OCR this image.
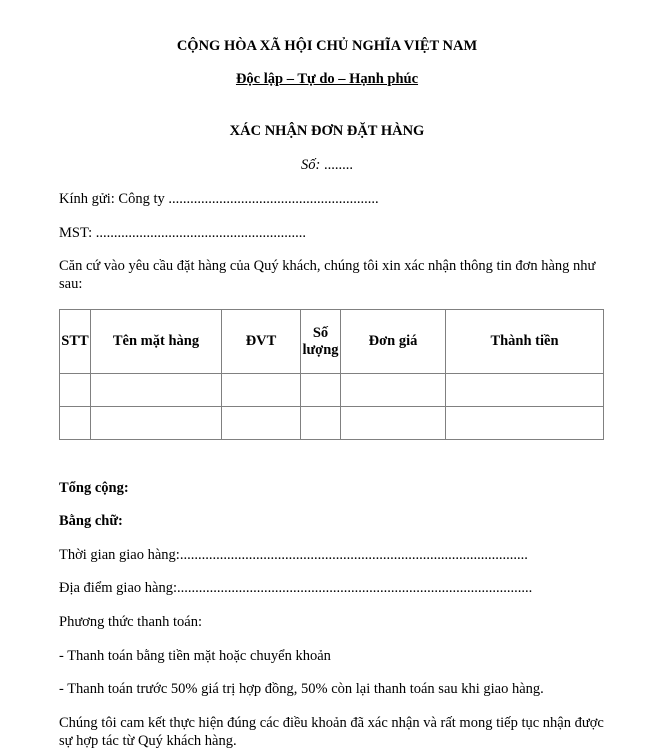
CỘNG HÒA XÃ HỘI CHỦ NGHĨA VIỆT NAM
Độc lập – Tự do – Hạnh phúc
XÁC NHẬN ĐƠN ĐẶT HÀNG
Số: ........
Kính gửi: Công ty ..........................................................
MST: ..........................................................
Căn cứ vào yêu cầu đặt hàng của Quý khách, chúng tôi xin xác nhận thông tin đơn hàng như sau:
STT	Tên mặt hàng	ĐVT	Số lượng	Đơn giá	Thành tiền

Tổng cộng:
Bằng chữ:
Thời gian giao hàng:................................................................................................
Địa điểm giao hàng:..................................................................................................
Phương thức thanh toán:
- Thanh toán bằng tiền mặt hoặc chuyển khoản
- Thanh toán trước 50% giá trị hợp đồng, 50% còn lại thanh toán sau khi giao hàng.
Chúng tôi cam kết thực hiện đúng các điều khoản đã xác nhận và rất mong tiếp tục nhận được sự hợp tác từ Quý khách hàng.
